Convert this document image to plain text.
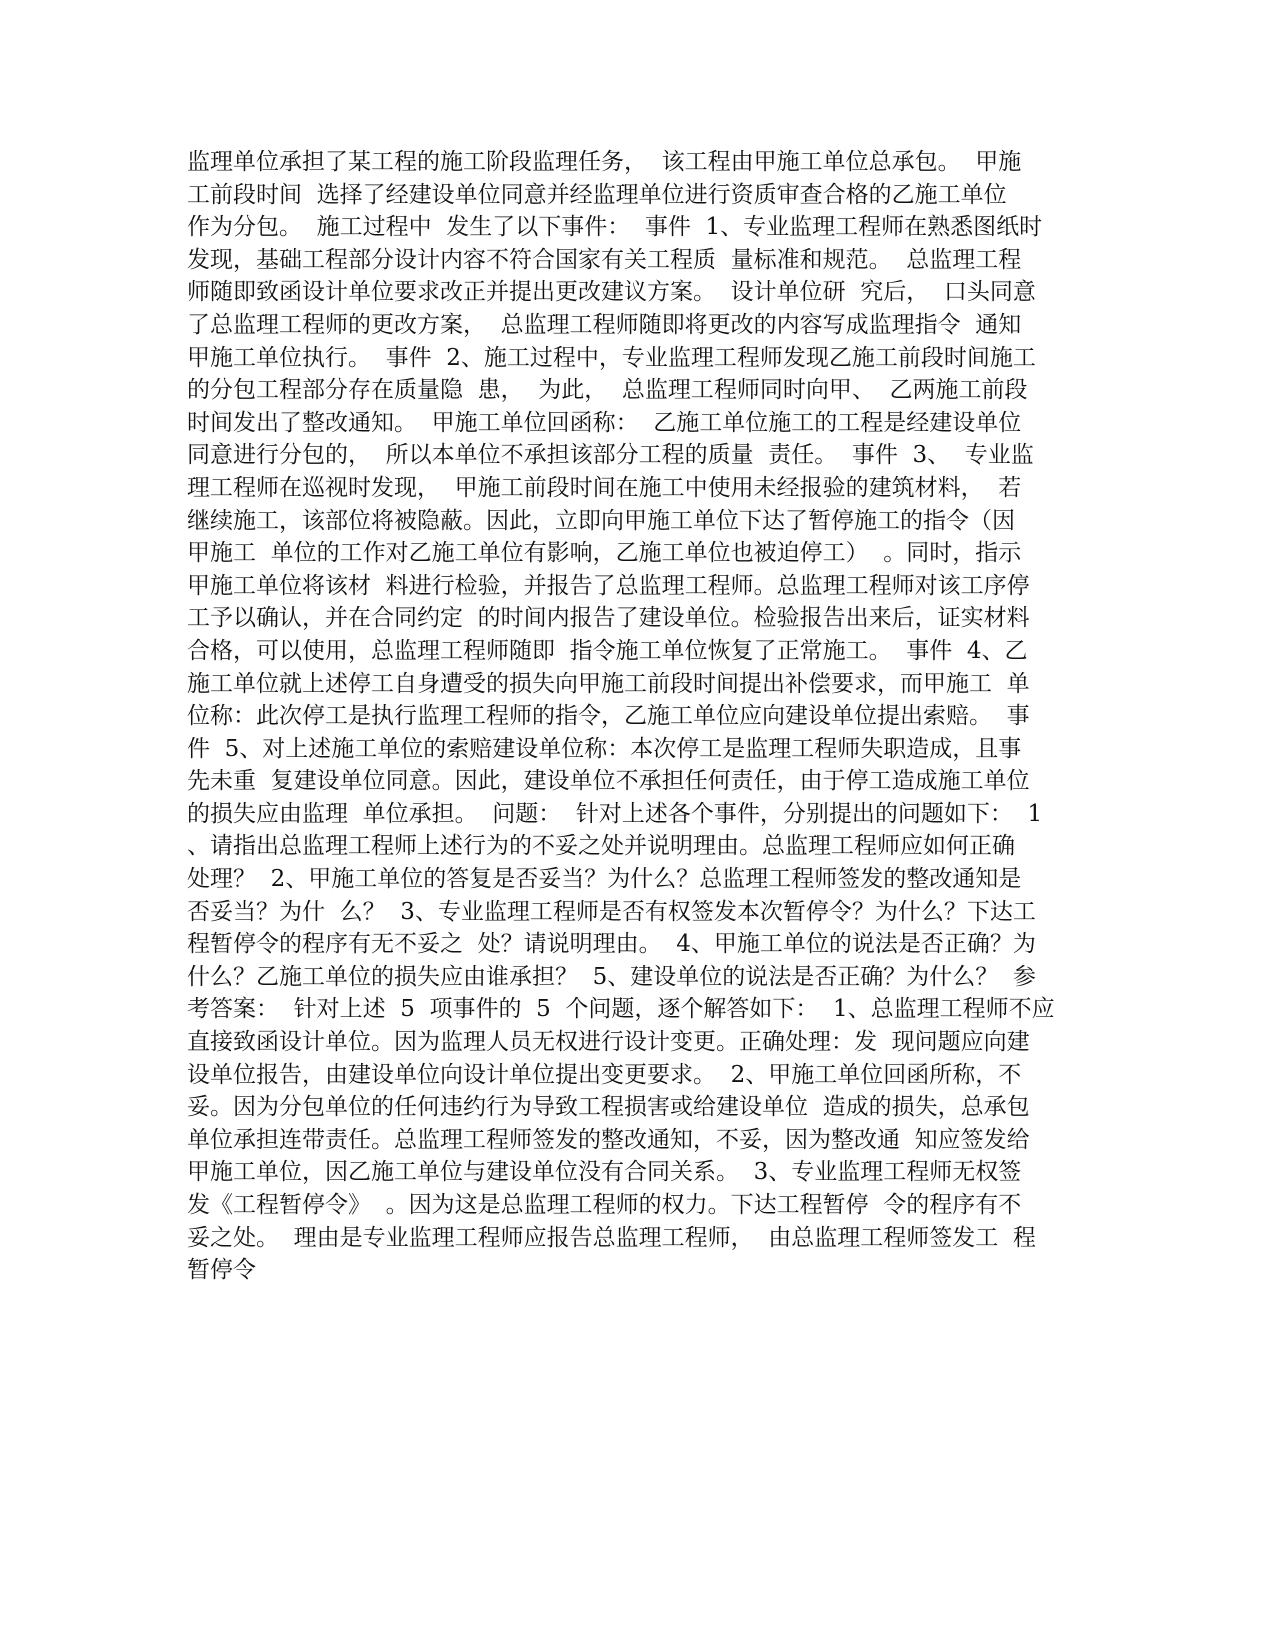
监理单位承担了某工程的施工阶段监理任务，  该工程由甲施工单位总承包。  甲施
工前段时间  选择了经建设单位同意并经监理单位进行资质审查合格的乙施工单位
作为分包。  施工过程中  发生了以下事件：  事件  1、专业监理工程师在熟悉图纸时
发现，基础工程部分设计内容不符合国家有关工程质  量标准和规范。  总监理工程
师随即致函设计单位要求改正并提出更改建议方案。  设计单位研  究后，  口头同意
了总监理工程师的更改方案，  总监理工程师随即将更改的内容写成监理指令  通知
甲施工单位执行。  事件  2、施工过程中，专业监理工程师发现乙施工前段时间施工
的分包工程部分存在质量隐  患，  为此，  总监理工程师同时向甲、  乙两施工前段
时间发出了整改通知。  甲施工单位回函称：  乙施工单位施工的工程是经建设单位
同意进行分包的，  所以本单位不承担该部分工程的质量  责任。  事件  3、  专业监
理工程师在巡视时发现，  甲施工前段时间在施工中使用未经报验的建筑材料，  若
继续施工，该部位将被隐蔽。因此，立即向甲施工单位下达了暂停施工的指令（因
甲施工  单位的工作对乙施工单位有影响，乙施工单位也被迫停工）  。同时，指示
甲施工单位将该材  料进行检验，并报告了总监理工程师。总监理工程师对该工序停
工予以确认，并在合同约定  的时间内报告了建设单位。检验报告出来后，证实材料
合格，可以使用，总监理工程师随即  指令施工单位恢复了正常施工。  事件  4、乙
施工单位就上述停工自身遭受的损失向甲施工前段时间提出补偿要求，而甲施工  单
位称：此次停工是执行监理工程师的指令，乙施工单位应向建设单位提出索赔。  事
件  5、对上述施工单位的索赔建设单位称：本次停工是监理工程师失职造成，且事
先未重  复建设单位同意。因此，建设单位不承担任何责任，由于停工造成施工单位
的损失应由监理  单位承担。  问题：  针对上述各个事件，分别提出的问题如下：  1
、请指出总监理工程师上述行为的不妥之处并说明理由。总监理工程师应如何正确
处理？  2、甲施工单位的答复是否妥当？为什么？总监理工程师签发的整改通知是
否妥当？为什  么？  3、专业监理工程师是否有权签发本次暂停令？为什么？下达工
程暂停令的程序有无不妥之  处？请说明理由。  4、甲施工单位的说法是否正确？为
什么？乙施工单位的损失应由谁承担？  5、建设单位的说法是否正确？为什么？  参
考答案：  针对上述  5  项事件的  5  个问题，逐个解答如下：  1、总监理工程师不应
直接致函设计单位。因为监理人员无权进行设计变更。正确处理：发  现问题应向建
设单位报告，由建设单位向设计单位提出变更要求。  2、甲施工单位回函所称，不
妥。因为分包单位的任何违约行为导致工程损害或给建设单位  造成的损失，总承包
单位承担连带责任。总监理工程师签发的整改通知，不妥，因为整改通  知应签发给
甲施工单位，因乙施工单位与建设单位没有合同关系。  3、专业监理工程师无权签
发《工程暂停令》  。因为这是总监理工程师的权力。下达工程暂停  令的程序有不
妥之处。  理由是专业监理工程师应报告总监理工程师，  由总监理工程师签发工  程
暂停令
